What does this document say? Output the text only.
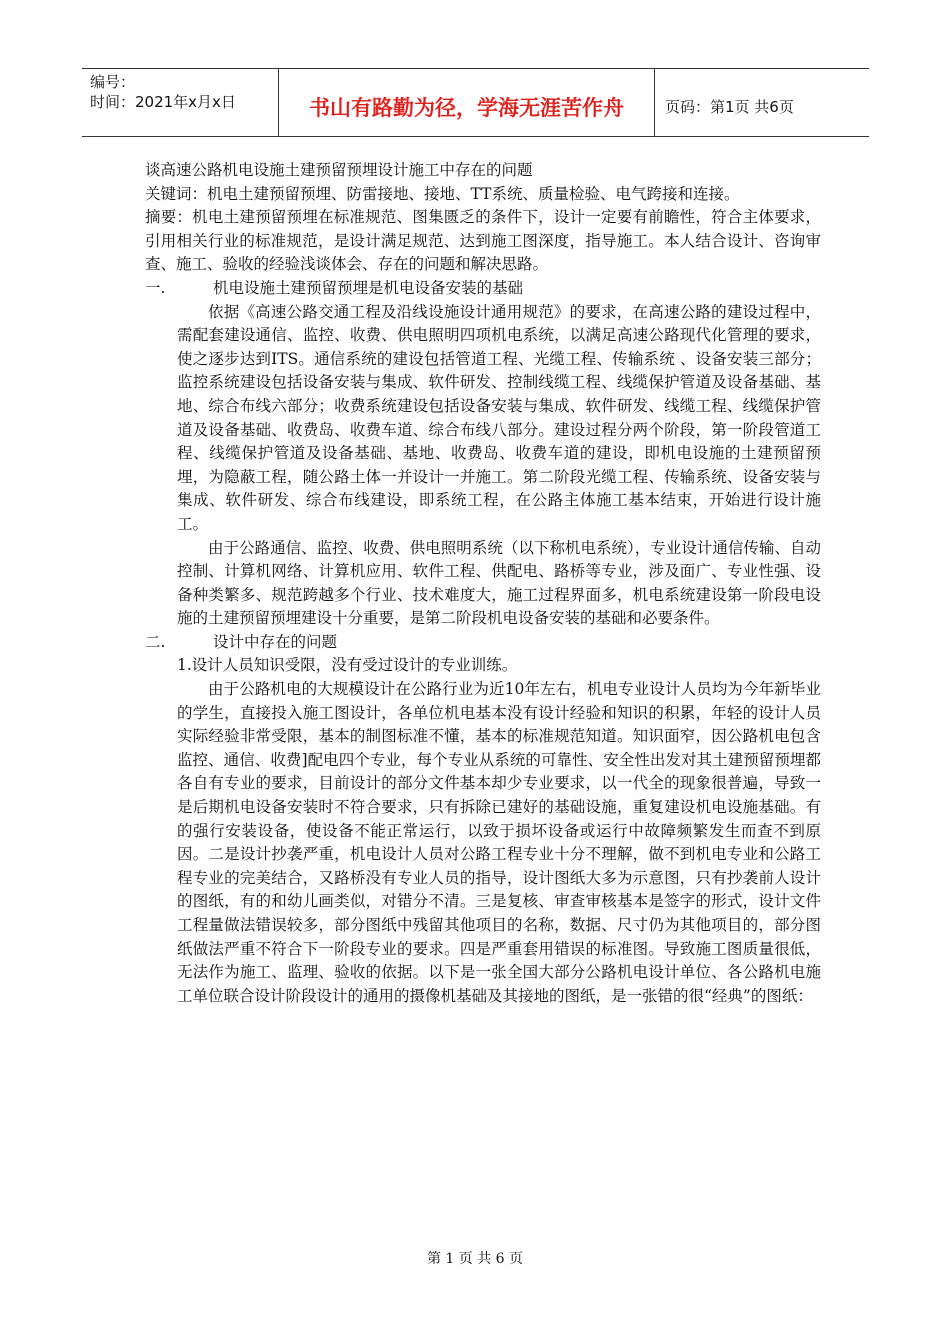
编号：
时间：2021年x月x日	书山有路勤为径，学海无涯苦作舟	页码：第1页 共6页

谈高速公路机电设施土建预留预埋设计施工中存在的问题

关键词：机电土建预留预埋、防雷接地、接地、TT系统、质量检验、电气跨接和连接。

摘要：机电土建预留预埋在标准规范、图集匮乏的条件下，设计一定要有前瞻性，符合主体要求，引用相关行业的标准规范，是设计满足规范、达到施工图深度，指导施工。本人结合设计、咨询审查、施工、验收的经验浅谈体会、存在的问题和解决思路。

一.	机电设施土建预留预埋是机电设备安装的基础

依据《高速公路交通工程及沿线设施设计通用规范》的要求，在高速公路的建设过程中，需配套建设通信、监控、收费、供电照明四项机电系统，以满足高速公路现代化管理的要求，使之逐步达到ITS。通信系统的建设包括管道工程、光缆工程、传输系统 、设备安装三部分；监控系统建设包括设备安装与集成、软件研发、控制线缆工程、线缆保护管道及设备基础、基地、综合布线六部分；收费系统建设包括设备安装与集成、软件研发、线缆工程、线缆保护管道及设备基础、收费岛、收费车道、综合布线八部分。建设过程分两个阶段，第一阶段管道工程、线缆保护管道及设备基础、基地、收费岛、收费车道的建设，即机电设施的土建预留预埋，为隐蔽工程，随公路土体一并设计一并施工。第二阶段光缆工程、传输系统、设备安装与集成、软件研发、综合布线建设，即系统工程，在公路主体施工基本结束，开始进行设计施工。

由于公路通信、监控、收费、供电照明系统（以下称机电系统），专业设计通信传输、自动控制、计算机网络、计算机应用、软件工程、供配电、路桥等专业，涉及面广、专业性强、设备种类繁多、规范跨越多个行业、技术难度大，施工过程界面多，机电系统建设第一阶段电设施的土建预留预埋建设十分重要，是第二阶段机电设备安装的基础和必要条件。

二.	设计中存在的问题

1.设计人员知识受限，没有受过设计的专业训练。

由于公路机电的大规模设计在公路行业为近10年左右，机电专业设计人员均为今年新毕业的学生，直接投入施工图设计，各单位机电基本没有设计经验和知识的积累，年轻的设计人员实际经验非常受限，基本的制图标准不懂，基本的标准规范知道。知识面窄，因公路机电包含监控、通信、收费]配电四个专业，每个专业从系统的可靠性、安全性出发对其土建预留预埋都各自有专业的要求，目前设计的部分文件基本却少专业要求，以一代全的现象很普遍，导致一是后期机电设备安装时不符合要求，只有拆除已建好的基础设施，重复建设机电设施基础。有的强行安装设备，使设备不能正常运行，以致于损坏设备或运行中故障频繁发生而查不到原因。二是设计抄袭严重，机电设计人员对公路工程专业十分不理解，做不到机电专业和公路工程专业的完美结合，又路桥没有专业人员的指导，设计图纸大多为示意图，只有抄袭前人设计的图纸，有的和幼儿画类似，对错分不清。三是复核、审查审核基本是签字的形式，设计文件工程量做法错误较多，部分图纸中残留其他项目的名称，数据、尺寸仍为其他项目的，部分图纸做法严重不符合下一阶段专业的要求。四是严重套用错误的标准图。导致施工图质量很低，无法作为施工、监理、验收的依据。以下是一张全国大部分公路机电设计单位、各公路机电施工单位联合设计阶段设计的通用的摄像机基础及其接地的图纸，是一张错的很“经典”的图纸：

第 1 页 共 6 页
